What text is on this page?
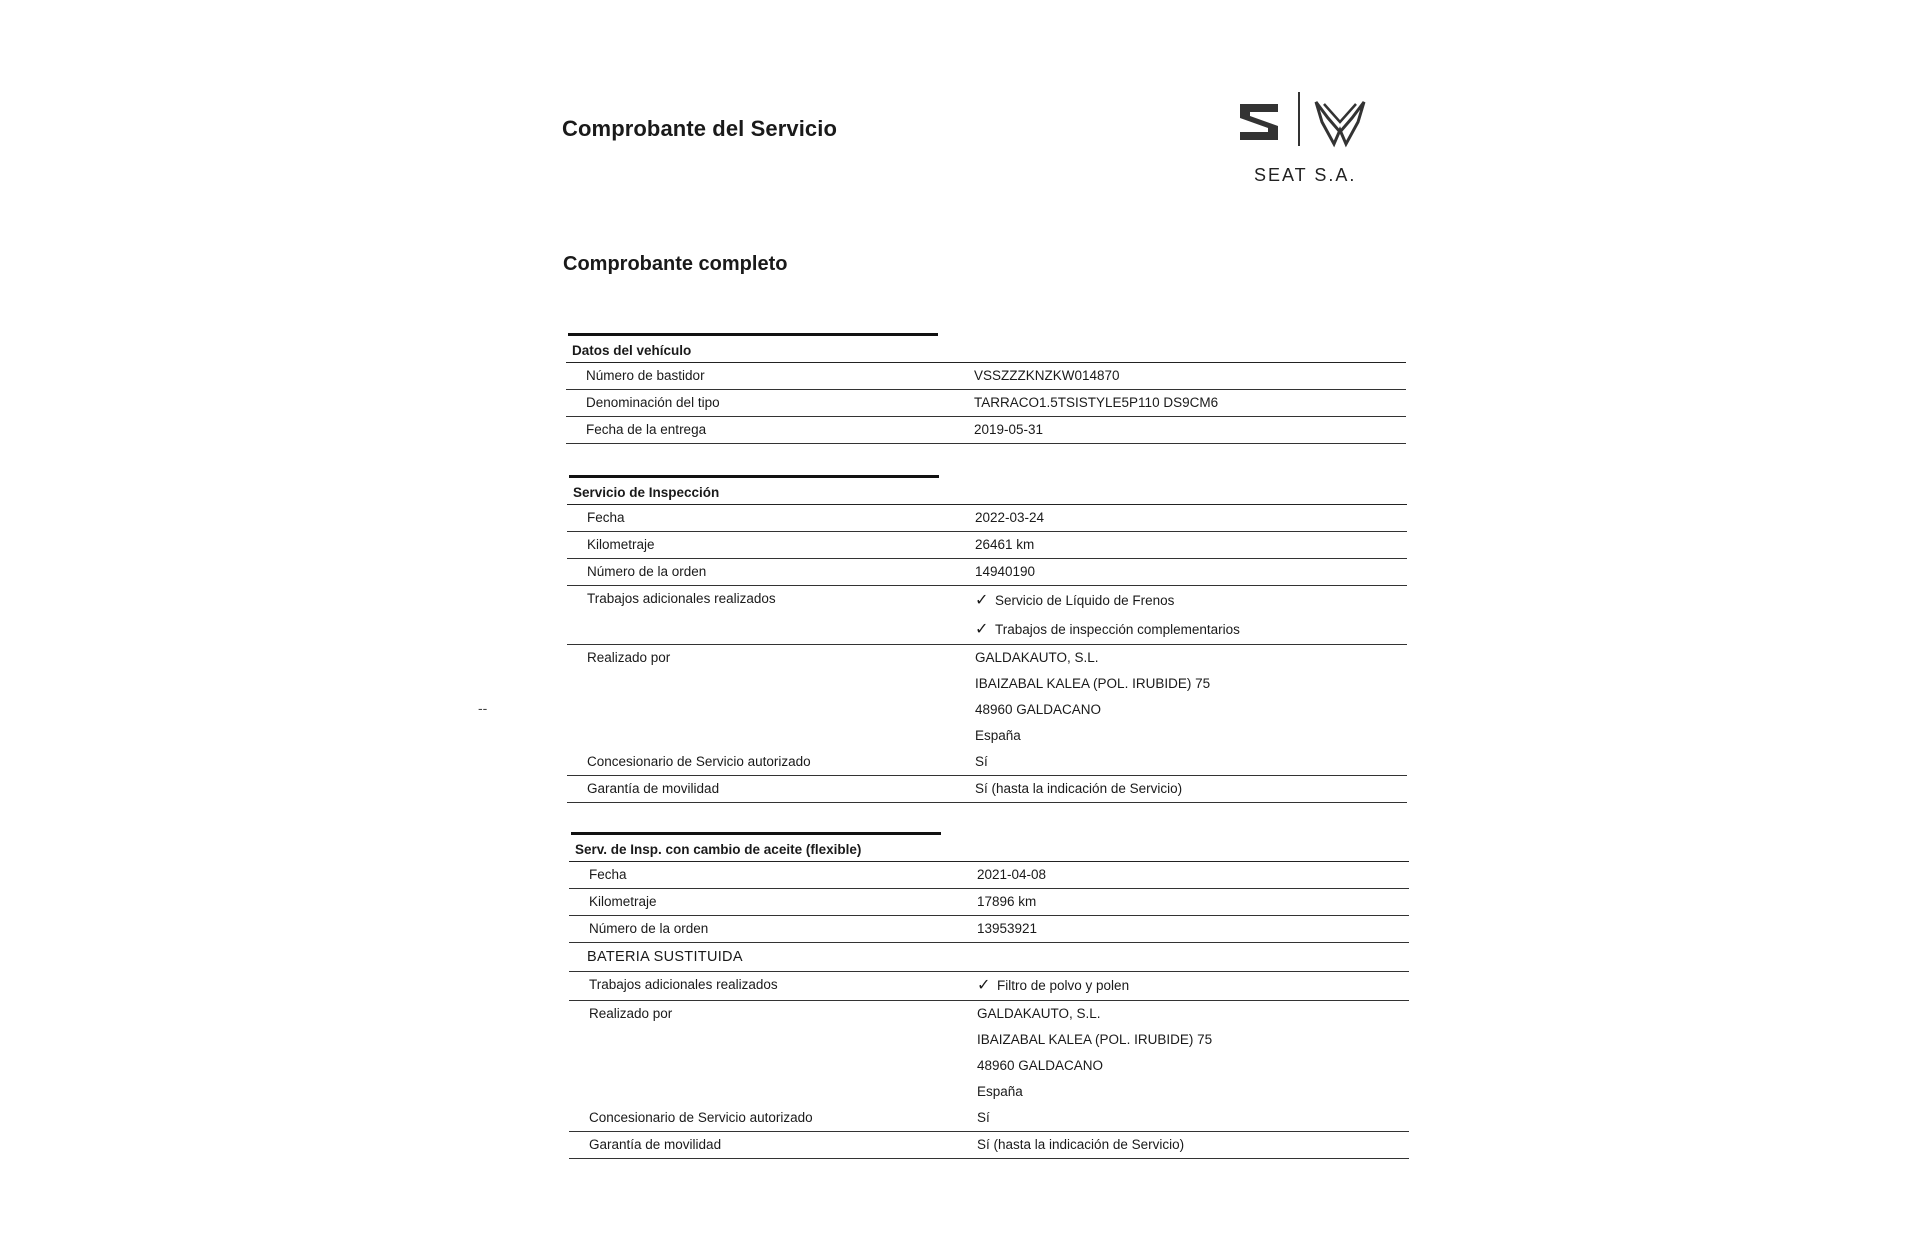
Comprobante del Servicio
SEAT S.A.
Comprobante completo
--
Datos del vehículo
Número de bastidor	VSSZZZKNZKW014870
Denominación del tipo	TARRACO1.5TSISTYLE5P110 DS9CM6
Fecha de la entrega	2019-05-31
Servicio de Inspección
Fecha	2022-03-24
Kilometraje	26461 km
Número de la orden	14940190
Trabajos adicionales realizados	✓ Servicio de Líquido de Frenos
✓ Trabajos de inspección complementarios
Realizado por	GALDAKAUTO, S.L.
IBAIZABAL KALEA (POL. IRUBIDE) 75
48960 GALDACANO
España
Concesionario de Servicio autorizado	Sí
Garantía de movilidad	Sí (hasta la indicación de Servicio)
Serv. de Insp. con cambio de aceite (flexible)
Fecha	2021-04-08
Kilometraje	17896 km
Número de la orden	13953921
BATERIA SUSTITUIDA
Trabajos adicionales realizados	✓ Filtro de polvo y polen
Realizado por	GALDAKAUTO, S.L.
IBAIZABAL KALEA (POL. IRUBIDE) 75
48960 GALDACANO
España
Concesionario de Servicio autorizado	Sí
Garantía de movilidad	Sí (hasta la indicación de Servicio)
